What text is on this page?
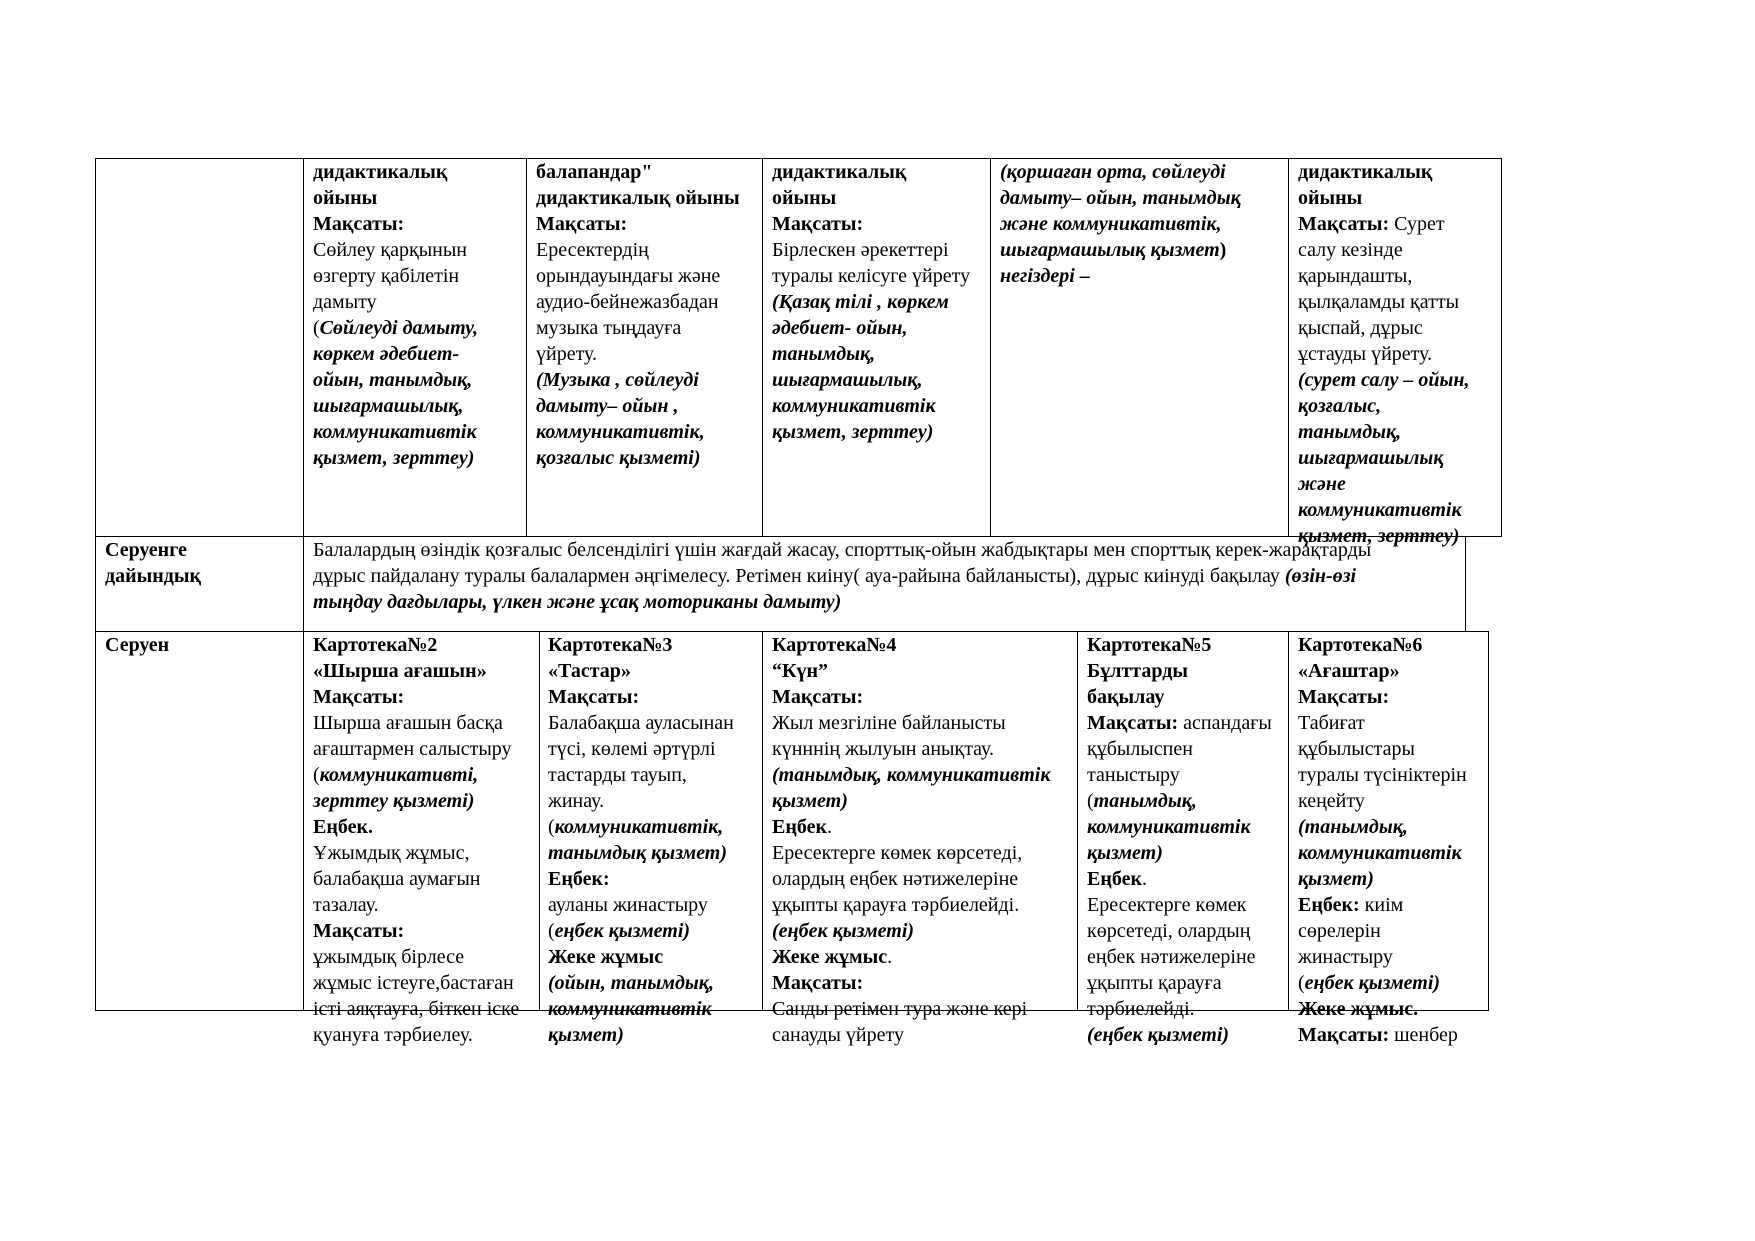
дидактикалық
ойыны
Мақсаты:
Сөйлеу қарқынын
өзгерту қабілетін
дамыту
(Сөйлеуді дамыту,
көркем әдебиет-
ойын, танымдық,
шығармашылық,
коммуникативтік
қызмет, зерттеу)
балапандар"
дидактикалық ойыны
Мақсаты:
Ересектердің
орындауындағы және
аудио-бейнежазбадан
музыка тыңдауға
үйрету.
(Музыка , сөйлеуді
дамыту– ойын ,
коммуникативтік,
қозғалыс қызметі)
дидактикалық
ойыны
Мақсаты:
Бірлескен әрекеттері
туралы келісуге үйрету
(Қазақ тілі , көркем
әдебиет- ойын,
танымдық,
шығармашылық,
коммуникативтік
қызмет, зерттеу)
(қоршаған орта, сөйлеуді
дамыту– ойын, танымдық
және коммуникативтік,
шығармашылық қызмет)
негіздері –
дидактикалық
ойыны
Мақсаты: Сурет
салу кезінде
қарындашты,
қылқаламды қатты
қыспай, дұрыс
ұстауды үйрету.
(сурет салу – ойын,
қозғалыс,
танымдық,
шығармашылық
және
коммуникативтік
қызмет, зерттеу)
Серуенге
дайындық
Балалардың өзіндік қозғалыс белсенділігі үшін жағдай жасау, спорттық-ойын жабдықтары мен спорттық керек-жарақтарды
дұрыс пайдалану туралы балалармен әңгімелесу. Ретімен киіну( ауа-райына байланысты), дұрыс киінуді бақылау (өзін-өзі
тыңдау дағдылары, үлкен және ұсақ моториканы дамыту)
Серуен	Картотека№2
«Шырша ағашын»
Мақсаты:
Шырша ағашын басқа
ағаштармен салыстыру
(коммуникативті,
зерттеу қызметі)
Еңбек.
Ұжымдық жұмыс,
балабақша аумағын
тазалау.
Мақсаты:
ұжымдық бірлесе
жұмыс істеуге,бастаған
істі аяқтауға, біткен іске
қуануға тәрбиелеу.
Картотека№3
«Тастар»
Мақсаты:
Балабақша ауласынан
түсі, көлемі әртүрлі
тастарды тауып,
жинау.
(коммуникативтік,
танымдық қызмет)
Еңбек:
ауланы жинастыру
(еңбек қызметі)
Жеке жұмыс
(ойын, танымдық,
коммуникативтік
қызмет)
Картотека№4
“Күн”
Мақсаты:
Жыл мезгіліне байланысты
күнннің жылуын анықтау.
(танымдық, коммуникативтік
қызмет)
Еңбек.
Ересектерге көмек көрсетеді,
олардың еңбек нәтижелеріне
ұқыпты қарауға тәрбиелейді.
(еңбек қызметі)
Жеке жұмыс.
Мақсаты:
Санды ретімен тура және кері
санауды үйрету
Картотека№5
Бұлттарды
бақылау
Мақсаты: аспандағы
құбылыспен
таныстыру
(танымдық,
коммуникативтік
қызмет)
Еңбек.
Ересектерге көмек
көрсетеді, олардың
еңбек нәтижелеріне
ұқыпты қарауға
тәрбиелейді.
(еңбек қызметі)
Картотека№6
«Ағаштар»
Мақсаты:
Табиғат
құбылыстары
туралы түсініктерін
кеңейту
(танымдық,
коммуникативтік
қызмет)
Еңбек: киім
сөрелерін
жинастыру
(еңбек қызметі)
Жеке жұмыс.
Мақсаты: шенбер
